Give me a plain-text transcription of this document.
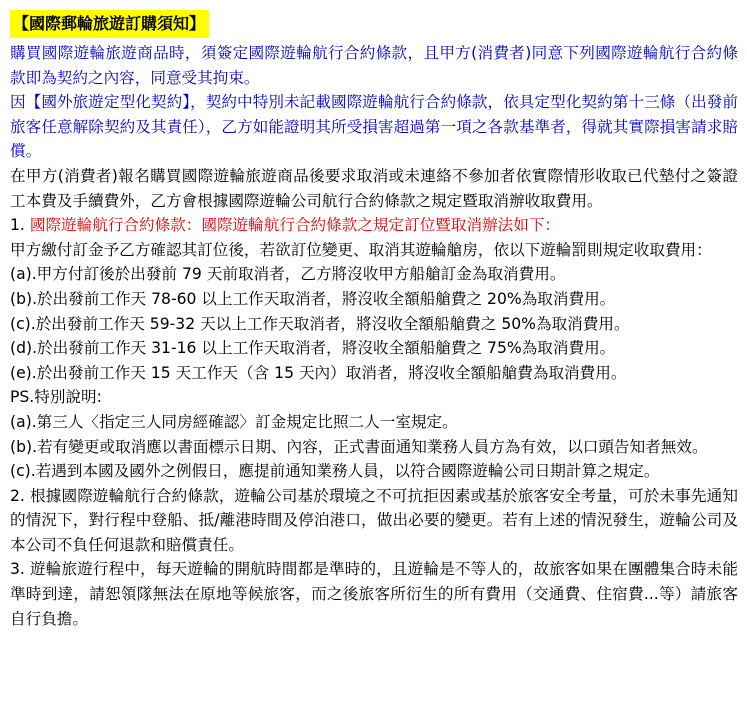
【國際郵輪旅遊訂購須知】

購買國際遊輪旅遊商品時，須簽定國際遊輪航行合約條款，且甲方(消費者)同意下列國際遊輪航行合約條款即為契約之內容，同意受其拘束。

因【國外旅遊定型化契約】，契約中特別未記載國際遊輪航行合約條款，依具定型化契約第十三條（出發前旅客任意解除契約及其責任），乙方如能證明其所受損害超過第一項之各款基準者，得就其實際損害請求賠償。

在甲方(消費者)報名購買國際遊輪旅遊商品後要求取消或未連絡不參加者依實際情形收取已代墊付之簽證工本費及手續費外，乙方會根據國際遊輪公司航行合約條款之規定暨取消辦收取費用。

1. 國際遊輪航行合約條款：國際遊輪航行合約條款之規定訂位暨取消辦法如下：

甲方繳付訂金予乙方確認其訂位後，若欲訂位變更、取消其遊輪艙房，依以下遊輪罰則規定收取費用：

(a).甲方付訂後於出發前 79 天前取消者，乙方將沒收甲方船艙訂金為取消費用。

(b).於出發前工作天 78-60 以上工作天取消者，將沒收全額船艙費之 20%為取消費用。

(c).於出發前工作天 59-32 天以上工作天取消者，將沒收全額船艙費之 50%為取消費用。

(d).於出發前工作天 31-16 以上工作天取消者，將沒收全額船艙費之 75%為取消費用。

(e).於出發前工作天 15 天工作天（含 15 天內）取消者，將沒收全額船艙費為取消費用。

PS.特別說明:

(a).第三人〈指定三人同房經確認〉訂金規定比照二人一室規定。

(b).若有變更或取消應以書面標示日期、內容，正式書面通知業務人員方為有效，以口頭告知者無效。

(c).若遇到本國及國外之例假日，應提前通知業務人員，以符合國際遊輪公司日期計算之規定。

2. 根據國際遊輪航行合約條款，遊輪公司基於環境之不可抗拒因素或基於旅客安全考量，可於未事先通知的情況下，對行程中登船、抵/離港時間及停泊港口，做出必要的變更。若有上述的情況發生，遊輪公司及本公司不負任何退款和賠償責任。

3. 遊輪旅遊行程中，每天遊輪的開航時間都是準時的，且遊輪是不等人的，故旅客如果在團體集合時未能準時到達，請恕領隊無法在原地等候旅客，而之後旅客所衍生的所有費用（交通費、住宿費...等）請旅客自行負擔。
